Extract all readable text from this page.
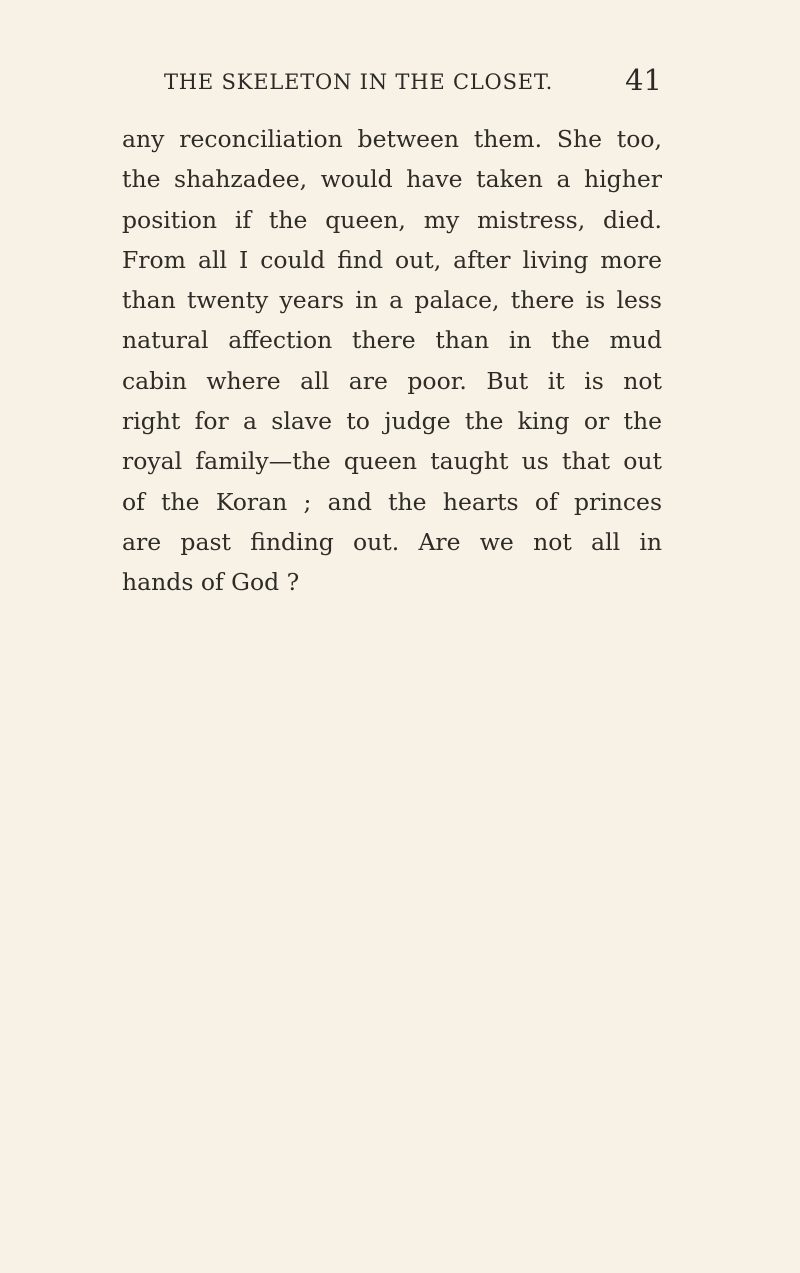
THE SKELETON IN THE CLOSET. 41
any reconciliation between them. She too,
the shahzadee, would have taken a higher
position if the queen, my mistress, died.
From all I could find out, after living more
than twenty years in a palace, there is less
natural affection there than in the mud
cabin where all are poor. But it is not
right for a slave to judge the king or the
royal family—the queen taught us that out
of the Koran ; and the hearts of princes
are past finding out. Are we not all in
hands of God ?
